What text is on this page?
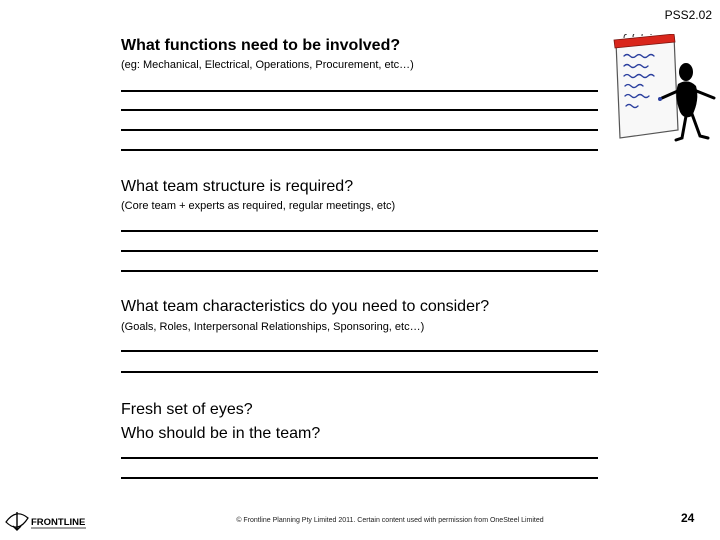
PSS2.02
What functions need to be involved?
(eg: Mechanical, Electrical, Operations, Procurement, etc…)
What team structure is required?
(Core team + experts as required, regular meetings, etc)
What team characteristics do you need to consider?
(Goals, Roles, Interpersonal Relationships, Sponsoring, etc…)
Fresh set of eyes?
Who should be in the team?
FRONTLINE	© Frontline Planning Pty Limited 2011. Certain content used with permission from OneSteel Limited	24
